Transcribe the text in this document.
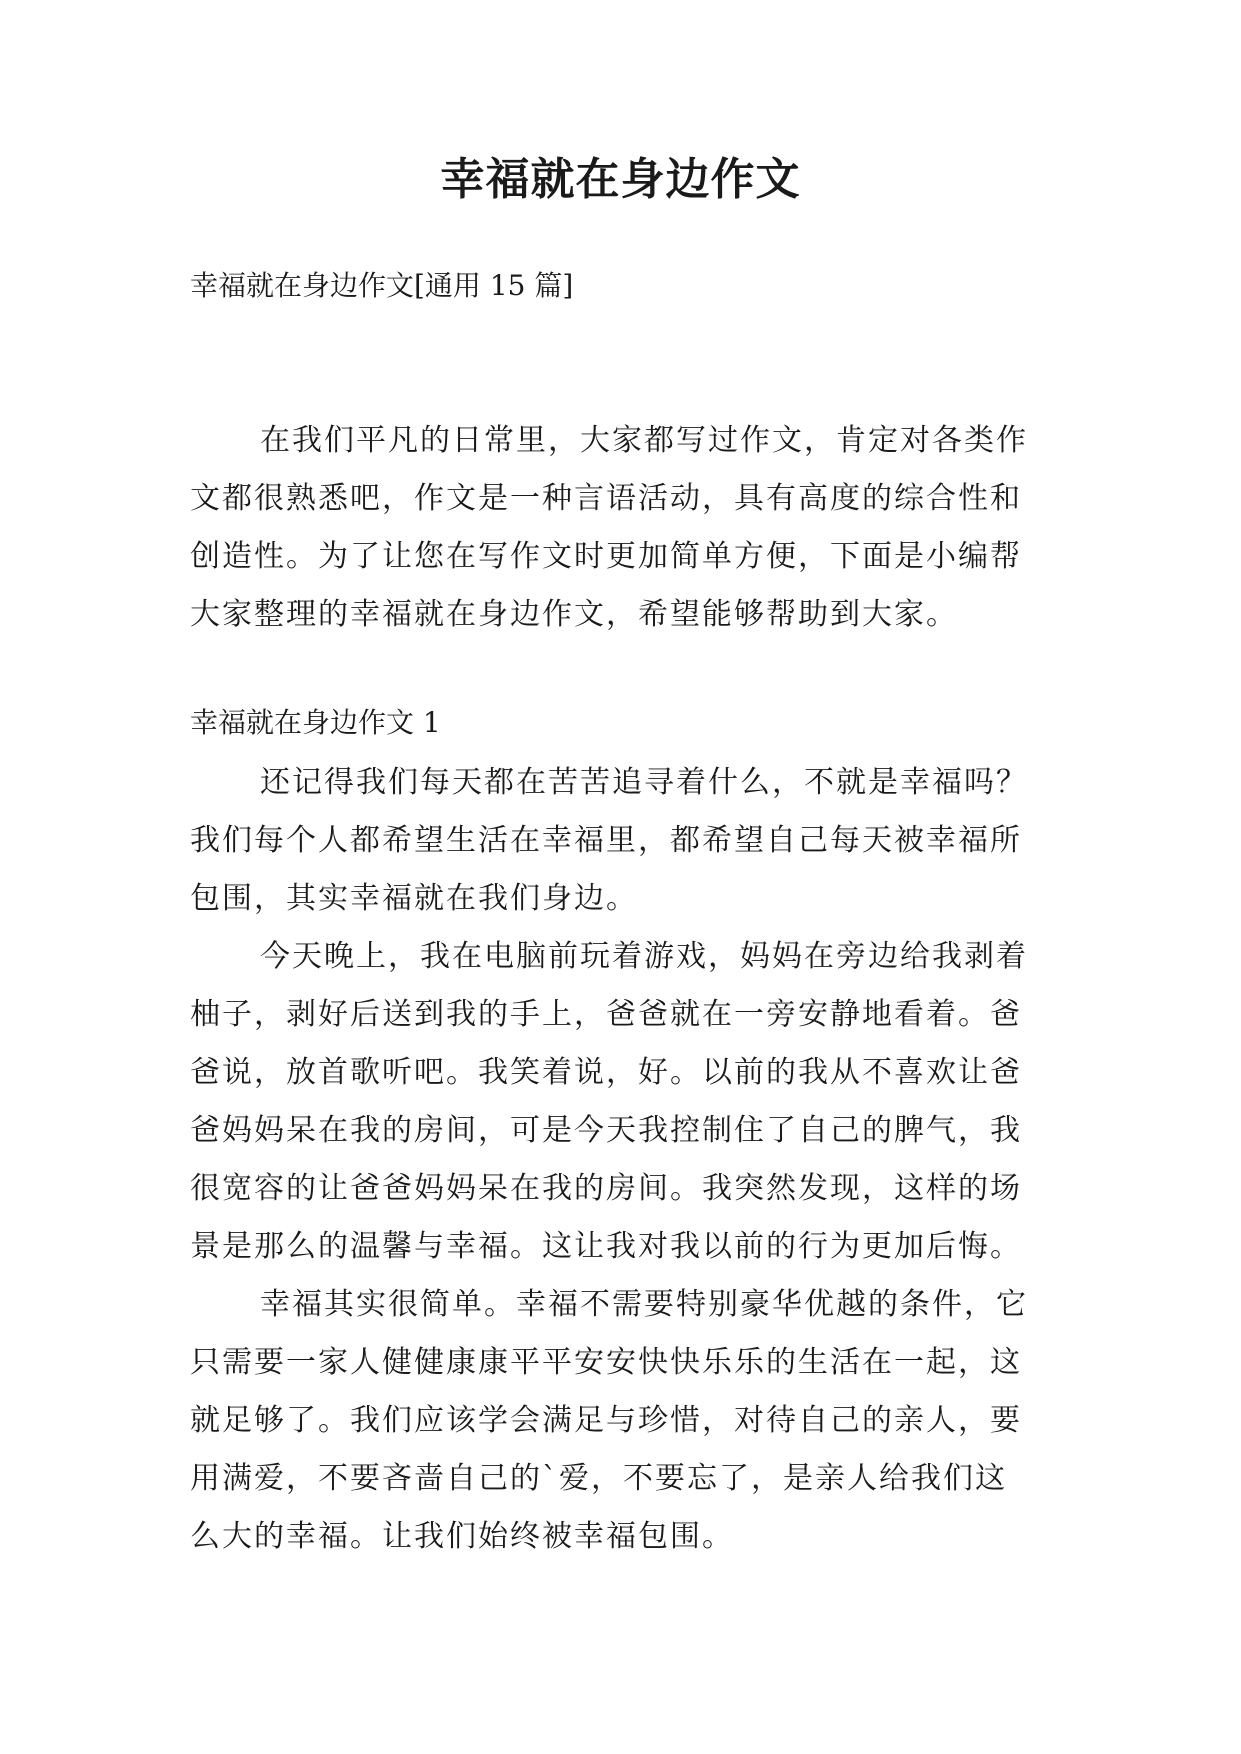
幸福就在身边作文
幸福就在身边作文[通用 15 篇]
在我们平凡的日常里，大家都写过作文，肯定对各类作
文都很熟悉吧，作文是一种言语活动，具有高度的综合性和
创造性。为了让您在写作文时更加简单方便，下面是小编帮
大家整理的幸福就在身边作文，希望能够帮助到大家。
幸福就在身边作文 1
还记得我们每天都在苦苦追寻着什么，不就是幸福吗？
我们每个人都希望生活在幸福里，都希望自己每天被幸福所
包围，其实幸福就在我们身边。
今天晚上，我在电脑前玩着游戏，妈妈在旁边给我剥着
柚子，剥好后送到我的手上，爸爸就在一旁安静地看着。爸
爸说，放首歌听吧。我笑着说，好。以前的我从不喜欢让爸
爸妈妈呆在我的房间，可是今天我控制住了自己的脾气，我
很宽容的让爸爸妈妈呆在我的房间。我突然发现，这样的场
景是那么的温馨与幸福。这让我对我以前的行为更加后悔。
幸福其实很简单。幸福不需要特别豪华优越的条件，它
只需要一家人健健康康平平安安快快乐乐的生活在一起，这
就足够了。我们应该学会满足与珍惜，对待自己的亲人，要
用满爱，不要吝啬自己的`爱，不要忘了，是亲人给我们这
么大的幸福。让我们始终被幸福包围。
